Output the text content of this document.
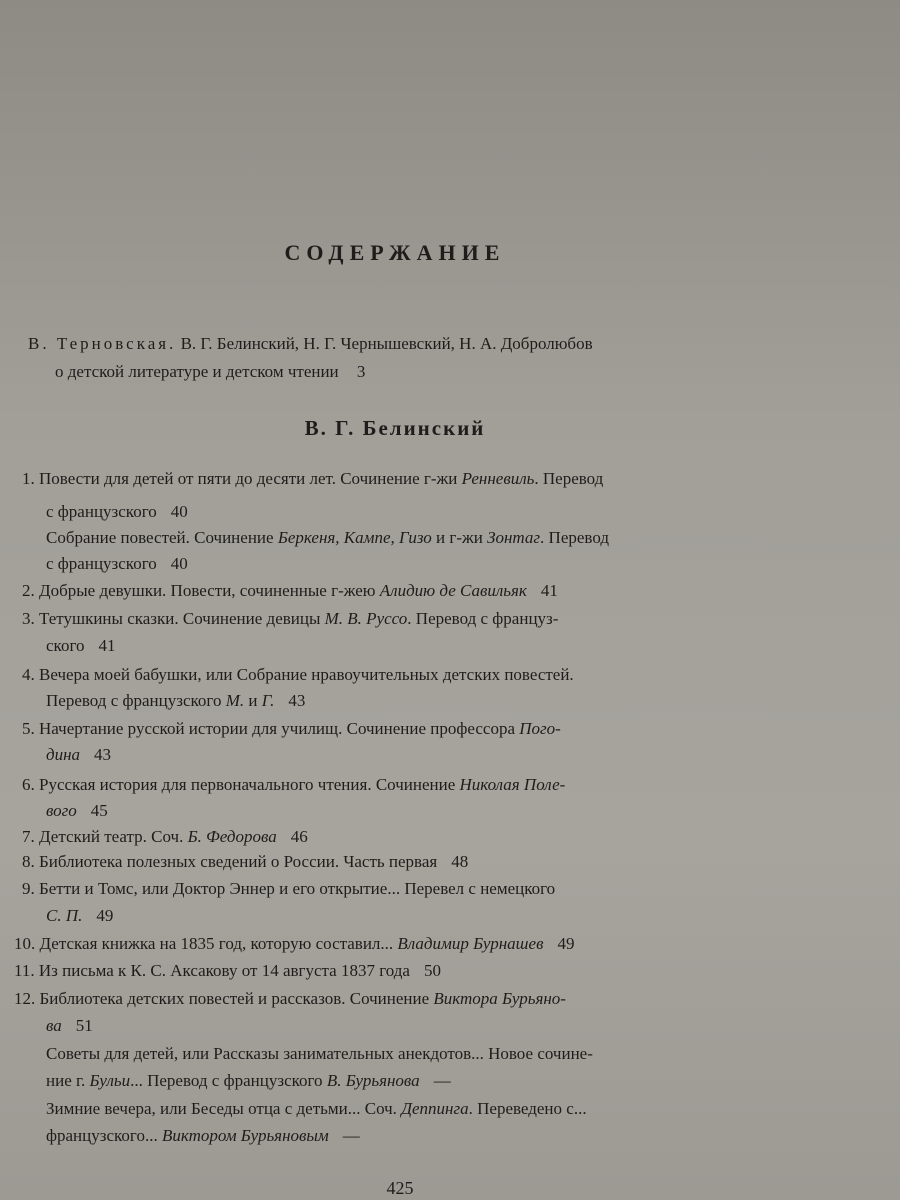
СОДЕРЖАНИЕ
В. Терновская. В. Г. Белинский, Н. Г. Чернышевский, Н. А. Добролюбов
о детской литературе и детском чтении 3
В. Г. Белинский
1. Повести для детей от пяти до десяти лет. Сочинение г-жи Ренневиль. Перевод
с французского 40
Собрание повестей. Сочинение Беркеня, Кампе, Гизо и г-жи Зонтаг. Перевод
с французского 40
2. Добрые девушки. Повести, сочиненные г-жею Алидию де Савильяк 41
3. Тетушкины сказки. Сочинение девицы М. В. Руссо. Перевод с француз-
ского 41
4. Вечера моей бабушки, или Собрание нравоучительных детских повестей.
Перевод с французского М. и Г. 43
5. Начертание русской истории для училищ. Сочинение профессора Пого-
дина 43
6. Русская история для первоначального чтения. Сочинение Николая Поле-
вого 45
7. Детский театр. Соч. Б. Федорова 46
8. Библиотека полезных сведений о России. Часть первая 48
9. Бетти и Томс, или Доктор Эннер и его открытие... Перевел с немецкого
С. П. 49
10. Детская книжка на 1835 год, которую составил... Владимир Бурнашев 49
11. Из письма к К. С. Аксакову от 14 августа 1837 года 50
12. Библиотека детских повестей и рассказов. Сочинение Виктора Бурьяно-
ва 51
Советы для детей, или Рассказы занимательных анекдотов... Новое сочине-
ние г. Бульи... Перевод с французского В. Бурьянова —
Зимние вечера, или Беседы отца с детьми... Соч. Деппинга. Переведено с...
французского... Виктором Бурьяновым —
425
